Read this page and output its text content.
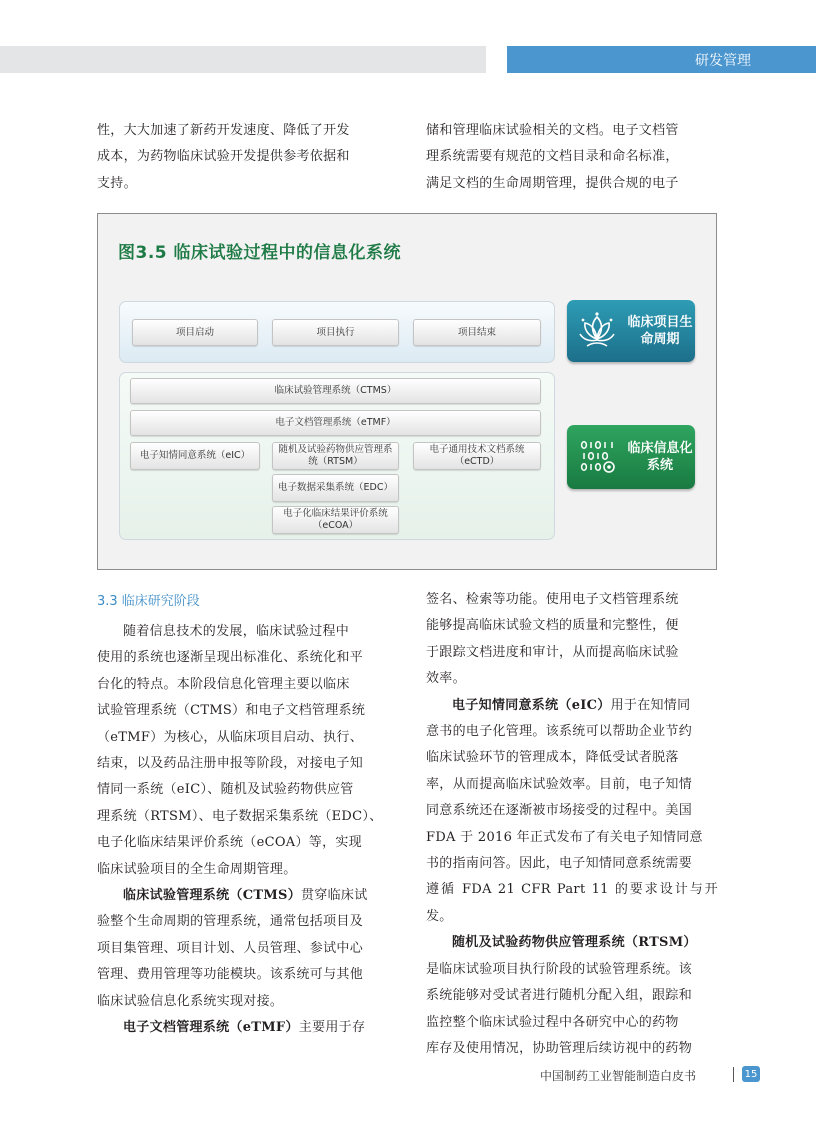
研发管理

性，大大加速了新药开发速度、降低了开发

成本，为药物临床试验开发提供参考依据和

支持。

储和管理临床试验相关的文档。电子文档管

理系统需要有规范的文档目录和命名标准，

满足文档的生命周期管理，提供合规的电子

图3.5 临床试验过程中的信息化系统
项目启动	项目执行	项目结束
临床试验管理系统（CTMS）
电子文档管理系统（eTMF）
电子知情同意系统（eIC）
随机及试验药物供应管理系统（RTSM）
电子通用技术文档系统（eCTD）
电子数据采集系统（EDC）
电子化临床结果评价系统（eCOA）
临床项目生命周期
临床信息化系统
3.3 临床研究阶段

随着信息技术的发展，临床试验过程中

使用的系统也逐渐呈现出标准化、系统化和平

台化的特点。本阶段信息化管理主要以临床

试验管理系统（CTMS）和电子文档管理系统

（eTMF）为核心，从临床项目启动、执行、

结束，以及药品注册申报等阶段，对接电子知

情同一系统（eIC）、随机及试验药物供应管

理系统（RTSM）、电子数据采集系统（EDC）、

电子化临床结果评价系统（eCOA）等，实现

临床试验项目的全生命周期管理。

临床试验管理系统（CTMS）贯穿临床试

验整个生命周期的管理系统，通常包括项目及

项目集管理、项目计划、人员管理、参试中心

管理、费用管理等功能模块。该系统可与其他

临床试验信息化系统实现对接。

电子文档管理系统（eTMF）主要用于存

签名、检索等功能。使用电子文档管理系统

能够提高临床试验文档的质量和完整性，便

于跟踪文档进度和审计，从而提高临床试验

效率。

电子知情同意系统（eIC）用于在知情同

意书的电子化管理。该系统可以帮助企业节约

临床试验环节的管理成本，降低受试者脱落

率，从而提高临床试验效率。目前，电子知情

同意系统还在逐渐被市场接受的过程中。美国

FDA 于 2016 年正式发布了有关电子知情同意

书的指南问答。因此，电子知情同意系统需要

遵循 FDA 21 CFR Part 11 的要求设计与开发。

随机及试验药物供应管理系统（RTSM）

是临床试验项目执行阶段的试验管理系统。该

系统能够对受试者进行随机分配入组，跟踪和

监控整个临床试验过程中各研究中心的药物

库存及使用情况，协助管理后续访视中的药物

中国制药工业智能制造白皮书	15
